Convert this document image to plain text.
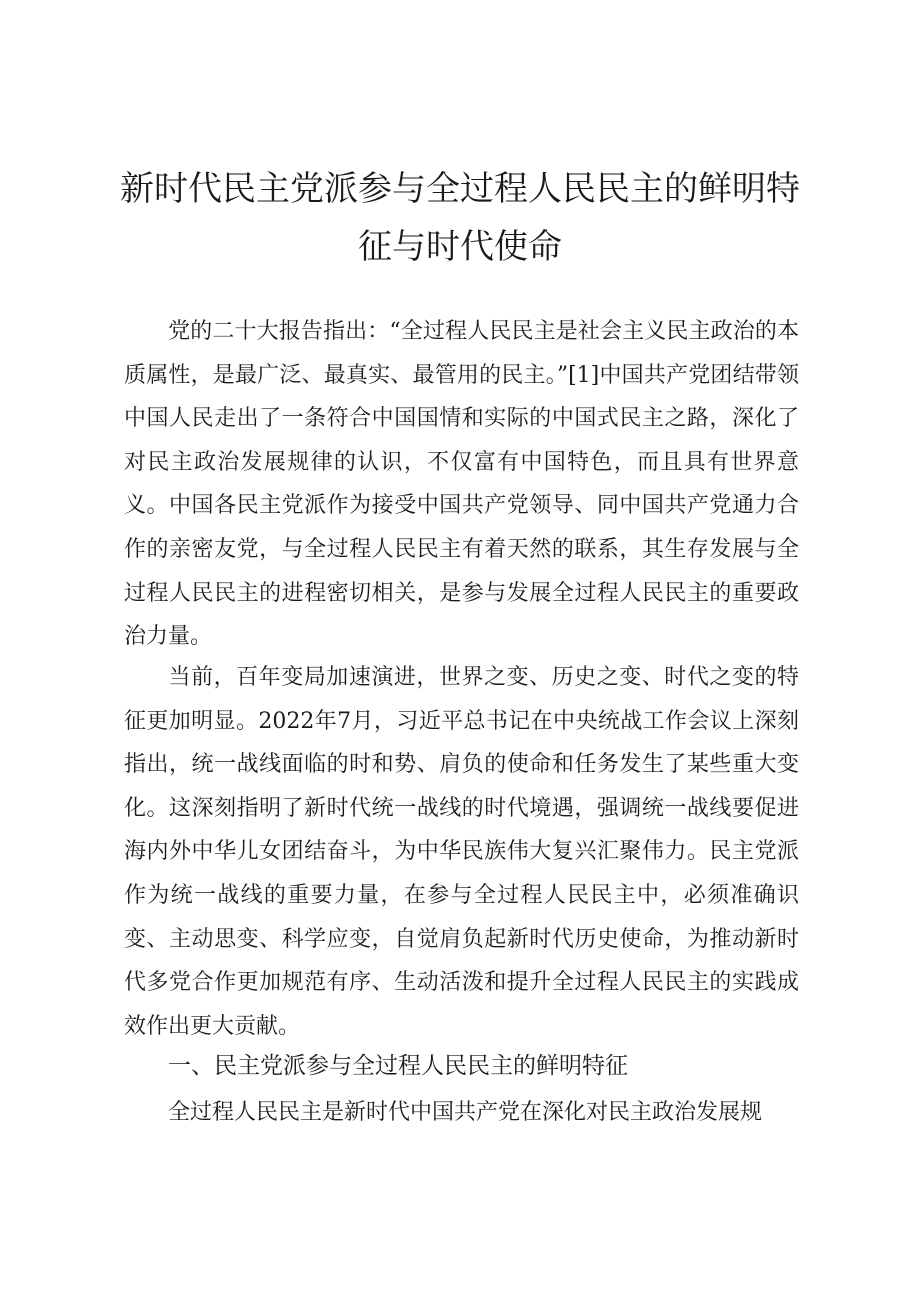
新时代民主党派参与全过程人民民主的鲜明特征与时代使命

党的二十大报告指出：“全过程人民民主是社会主义民主政治的本质属性，是最广泛、最真实、最管用的民主。”[1]中国共产党团结带领中国人民走出了一条符合中国国情和实际的中国式民主之路，深化了对民主政治发展规律的认识，不仅富有中国特色，而且具有世界意义。中国各民主党派作为接受中国共产党领导、同中国共产党通力合作的亲密友党，与全过程人民民主有着天然的联系，其生存发展与全过程人民民主的进程密切相关，是参与发展全过程人民民主的重要政治力量。

当前，百年变局加速演进，世界之变、历史之变、时代之变的特征更加明显。2022年7月，习近平总书记在中央统战工作会议上深刻指出，统一战线面临的时和势、肩负的使命和任务发生了某些重大变化。这深刻指明了新时代统一战线的时代境遇，强调统一战线要促进海内外中华儿女团结奋斗，为中华民族伟大复兴汇聚伟力。民主党派作为统一战线的重要力量，在参与全过程人民民主中，必须准确识变、主动思变、科学应变，自觉肩负起新时代历史使命，为推动新时代多党合作更加规范有序、生动活泼和提升全过程人民民主的实践成效作出更大贡献。

一、民主党派参与全过程人民民主的鲜明特征

全过程人民民主是新时代中国共产党在深化对民主政治发展规
